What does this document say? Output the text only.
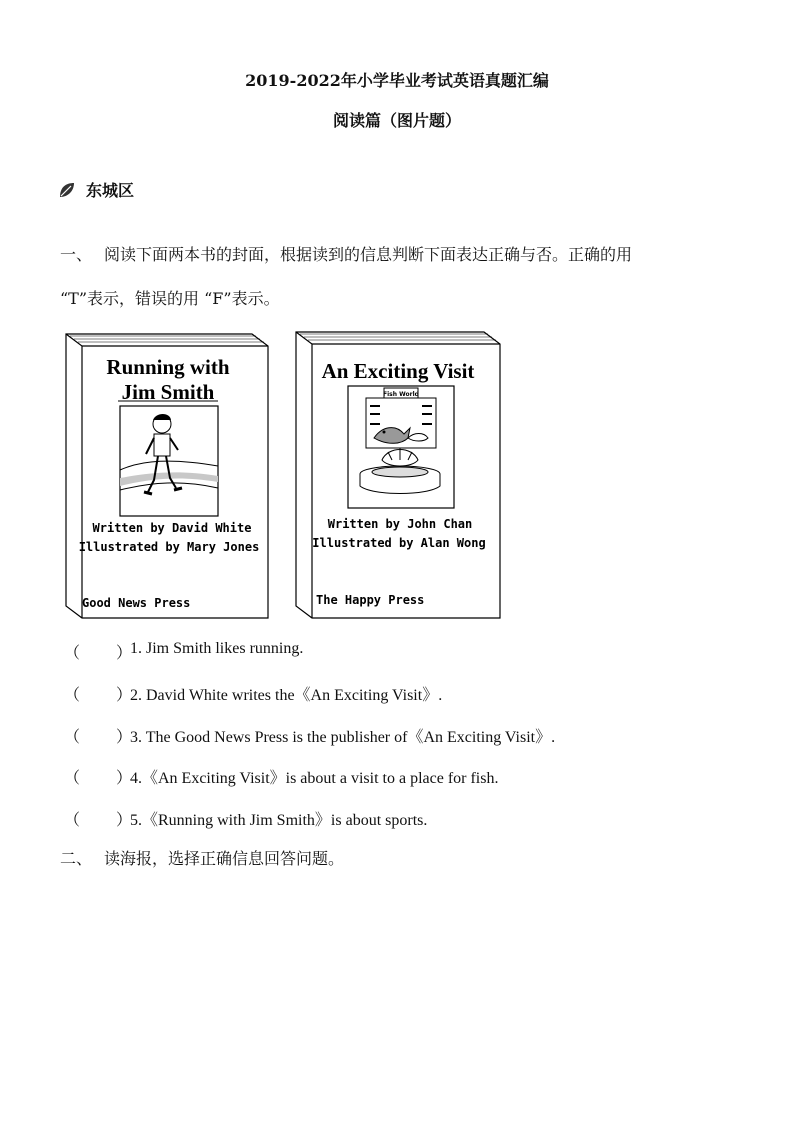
2019-2022年小学毕业考试英语真题汇编
阅读篇（图片题）
东城区
一、 阅读下面两本书的封面，根据读到的信息判断下面表达正确与否。正确的用
“T”表示，错误的用 “F”表示。
Running with
Jim Smith
Written by David White
Illustrated by Mary Jones
Good News Press
An Exciting Visit
Fish World
Written by John Chan
Illustrated by Alan Wong
The Happy Press
（	）
1. Jim Smith likes running.
（	）
2. David White writes the《An Exciting Visit》.
（	）
3. The Good News Press is the publisher of《An Exciting Visit》.
（	）
4.《An Exciting Visit》is about a visit to a place for fish.
（	）
5.《Running with Jim Smith》is about sports.
二、 读海报，选择正确信息回答问题。
